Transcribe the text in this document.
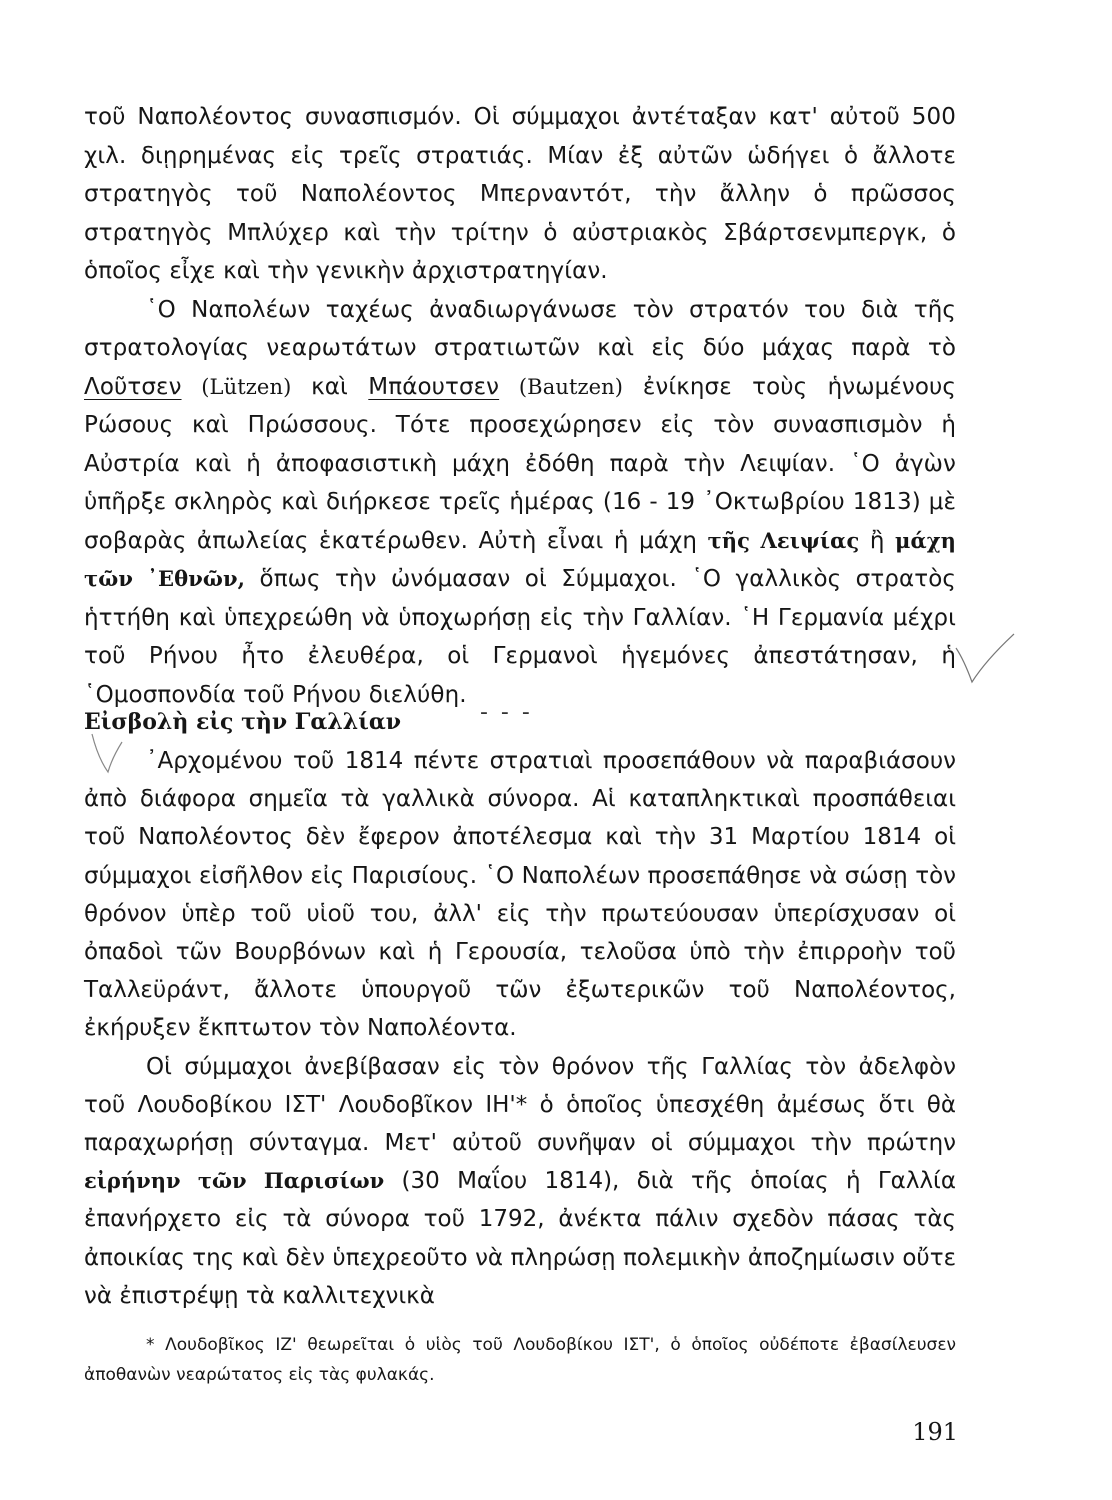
τοῦ Ναπολέοντος συνασπισμόν. Οἱ σύμμαχοι ἀντέταξαν κατ' αὐτοῦ 500 χιλ. διῃρημένας εἰς τρεῖς στρατιάς. Μίαν ἐξ αὐτῶν ὡδήγει ὁ ἄλλοτε στρατηγὸς τοῦ Ναπολέοντος Μπερναντότ, τὴν ἄλλην ὁ πρῶσσος στρατηγὸς Μπλύχερ καὶ τὴν τρίτην ὁ αὐστριακὸς Σβάρτσενμπεργκ, ὁ ὁποῖος εἶχε καὶ τὴν γενικὴν ἀρχιστρατηγίαν.

῾Ο Ναπολέων ταχέως ἀναδιωργάνωσε τὸν στρατόν του διὰ τῆς στρατολογίας νεαρωτάτων στρατιωτῶν καὶ εἰς δύο μάχας παρὰ τὸ Λοῦτσεν (Lützen) καὶ Μπάουτσεν (Bautzen) ἐνίκησε τοὺς ἡνωμένους Ρώσους καὶ Πρώσσους. Τότε προσεχώρησεν εἰς τὸν συνασπισμὸν ἡ Αὐστρία καὶ ἡ ἀποφασιστικὴ μάχη ἐδόθη παρὰ τὴν Λειψίαν. ῾Ο ἀγὼν ὑπῆρξε σκληρὸς καὶ διήρκεσε τρεῖς ἡμέρας (16 - 19 ᾿Οκτωβρίου 1813) μὲ σοβαρὰς ἀπωλείας ἑκατέρωθεν. Αὐτὴ εἶναι ἡ μάχη τῆς Λειψίας ἢ μάχη τῶν ᾿Εθνῶν, ὅπως τὴν ὠνόμασαν οἱ Σύμμαχοι. ῾Ο γαλλικὸς στρατὸς ἡττήθη καὶ ὑπεχρεώθη νὰ ὑποχωρήσῃ εἰς τὴν Γαλλίαν. ῾Η Γερμανία μέχρι τοῦ Ρήνου ἦτο ἐλευθέρα, οἱ Γερμανοὶ ἡγεμόνες ἀπεστάτησαν, ἡ ῾Ομοσπονδία τοῦ Ρήνου διελύθη.

Εἰσβολὴ εἰς τὴν Γαλλίαν	- - -

᾿Αρχομένου τοῦ 1814 πέντε στρατιαὶ προσεπάθουν νὰ παραβιάσουν ἀπὸ διάφορα σημεῖα τὰ γαλλικὰ σύνορα. Αἱ καταπληκτικαὶ προσπάθειαι τοῦ Ναπολέοντος δὲν ἔφερον ἀποτέλεσμα καὶ τὴν 31 Μαρτίου 1814 οἱ σύμμαχοι εἰσῆλθον εἰς Παρισίους. ῾Ο Ναπολέων προσεπάθησε νὰ σώσῃ τὸν θρόνον ὑπὲρ τοῦ υἱοῦ του, ἀλλ' εἰς τὴν πρωτεύουσαν ὑπερίσχυσαν οἱ ὀπαδοὶ τῶν Βουρβόνων καὶ ἡ Γερουσία, τελοῦσα ὑπὸ τὴν ἐπιρροὴν τοῦ Ταλλεϋράντ, ἄλλοτε ὑπουργοῦ τῶν ἐξωτερικῶν τοῦ Ναπολέοντος, ἐκήρυξεν ἔκπτωτον τὸν Ναπολέοντα.

Οἱ σύμμαχοι ἀνεβίβασαν εἰς τὸν θρόνον τῆς Γαλλίας τὸν ἀδελφὸν τοῦ Λουδοβίκου ΙΣΤ' Λουδοβῖκον ΙΗ'* ὁ ὁποῖος ὑπεσχέθη ἀμέσως ὅτι θὰ παραχωρήσῃ σύνταγμα. Μετ' αὐτοῦ συνῆψαν οἱ σύμμαχοι τὴν πρώτην εἰρήνην τῶν Παρισίων (30 Μαΐου 1814), διὰ τῆς ὁποίας ἡ Γαλλία ἐπανήρχετο εἰς τὰ σύνορα τοῦ 1792, ἀνέκτα πάλιν σχεδὸν πάσας τὰς ἀποικίας της καὶ δὲν ὑπεχρεοῦτο νὰ πληρώσῃ πολεμικὴν ἀποζημίωσιν οὔτε νὰ ἐπιστρέψῃ τὰ καλλιτεχνικὰ

* Λουδοβῖκος ΙΖ' θεωρεῖται ὁ υἱὸς τοῦ Λουδοβίκου ΙΣΤ', ὁ ὁποῖος οὐδέποτε ἐβασίλευσεν ἀποθανὼν νεαρώτατος εἰς τὰς φυλακάς.

191
